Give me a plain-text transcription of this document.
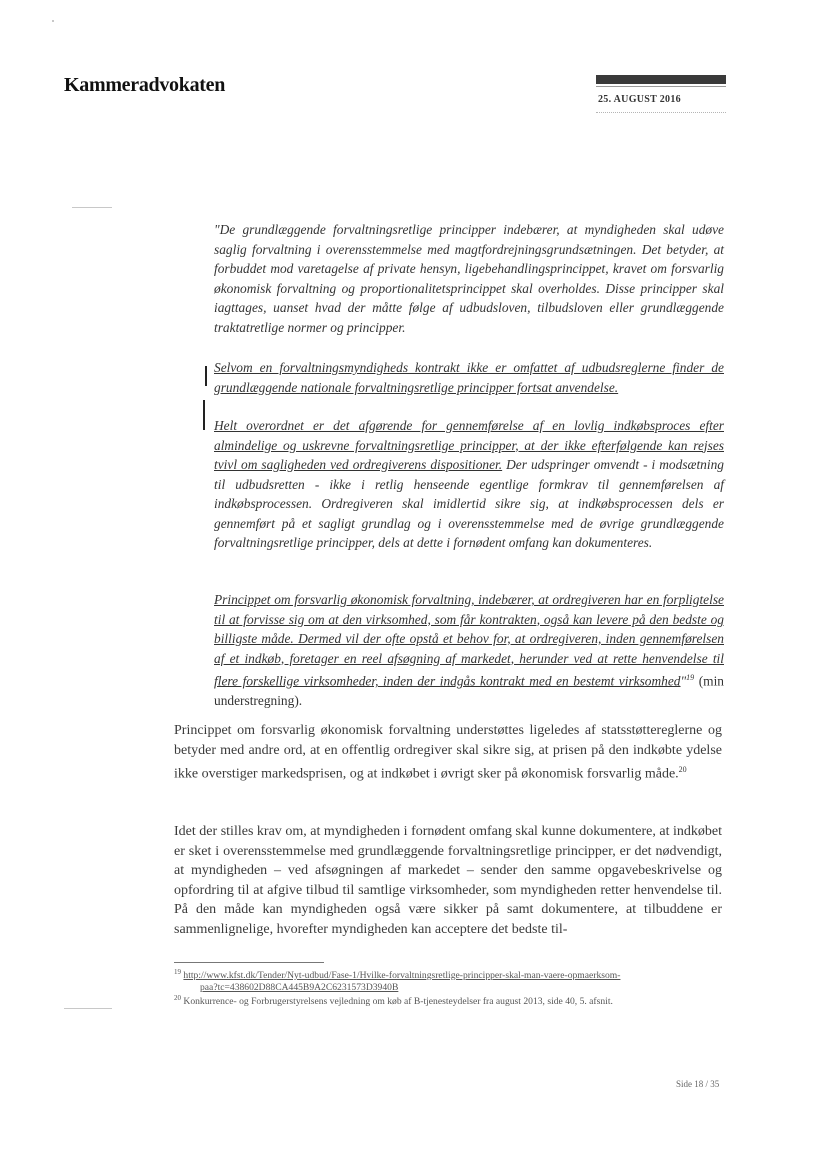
Kammeradvokaten
25. AUGUST 2016
"De grundlæggende forvaltningsretlige principper indebærer, at myndigheden skal udøve saglig forvaltning i overensstemmelse med magtfordrejningsgrundsætningen. Det betyder, at forbuddet mod varetagelse af private hensyn, ligebehandlingsprincippet, kravet om forsvarlig økonomisk forvaltning og proportionalitetsprincippet skal overholdes. Disse principper skal iagttages, uanset hvad der måtte følge af udbudsloven, tilbudsloven eller grundlæggende traktatretlige normer og principper.
Selvom en forvaltningsmyndigheds kontrakt ikke er omfattet af udbudsreglerne finder de grundlæggende nationale forvaltningsretlige principper fortsat anvendelse.
Helt overordnet er det afgørende for gennemførelse af en lovlig indkøbsproces efter almindelige og uskrevne forvaltningsretlige principper, at der ikke efterfølgende kan rejses tvivl om sagligheden ved ordregiverens dispositioner. Der udspringer omvendt - i modsætning til udbudsretten - ikke i retlig henseende egentlige formkrav til gennemførelsen af indkøbsprocessen. Ordregiveren skal imidlertid sikre sig, at indkøbsprocessen dels er gennemført på et sagligt grundlag og i overensstemmelse med de øvrige grundlæggende forvaltningsretlige principper, dels at dette i fornødent omfang kan dokumenteres.
Princippet om forsvarlig økonomisk forvaltning, indebærer, at ordregiveren har en forpligtelse til at forvisse sig om at den virksomhed, som får kontrakten, også kan levere på den bedste og billigste måde. Dermed vil der ofte opstå et behov for, at ordregiveren, inden gennemførelsen af et indkøb, foretager en reel afsøgning af markedet, herunder ved at rette henvendelse til flere forskellige virksomheder, inden der indgås kontrakt med en bestemt virksomhed"$^{19}$ (min understregning).
Princippet om forsvarlig økonomisk forvaltning understøttes ligeledes af statsstøttereglerne og betyder med andre ord, at en offentlig ordregiver skal sikre sig, at prisen på den indkøbte ydelse ikke overstiger markedsprisen, og at indkøbet i øvrigt sker på økonomisk forsvarlig måde.$^{20}$
Idet der stilles krav om, at myndigheden i fornødent omfang skal kunne dokumentere, at indkøbet er sket i overensstemmelse med grundlæggende forvaltningsretlige principper, er det nødvendigt, at myndigheden – ved afsøgningen af markedet – sender den samme opgavebeskrivelse og opfordring til at afgive tilbud til samtlige virksomheder, som myndigheden retter henvendelse til. På den måde kan myndigheden også være sikker på samt dokumentere, at tilbuddene er sammenlignelige, hvorefter myndigheden kan acceptere det bedste til-
$^{19}$ http://www.kfst.dk/Tender/Nyt-udbud/Fase-1/Hvilke-forvaltningsretlige-principper-skal-man-vaere-opmaerksom-
paa?tc=438602D88CA445B9A2C6231573D3940B
$^{20}$ Konkurrence- og Forbrugerstyrelsens vejledning om køb af B-tjenesteydelser fra august 2013, side 40, 5. afsnit.
Side 18 / 35
